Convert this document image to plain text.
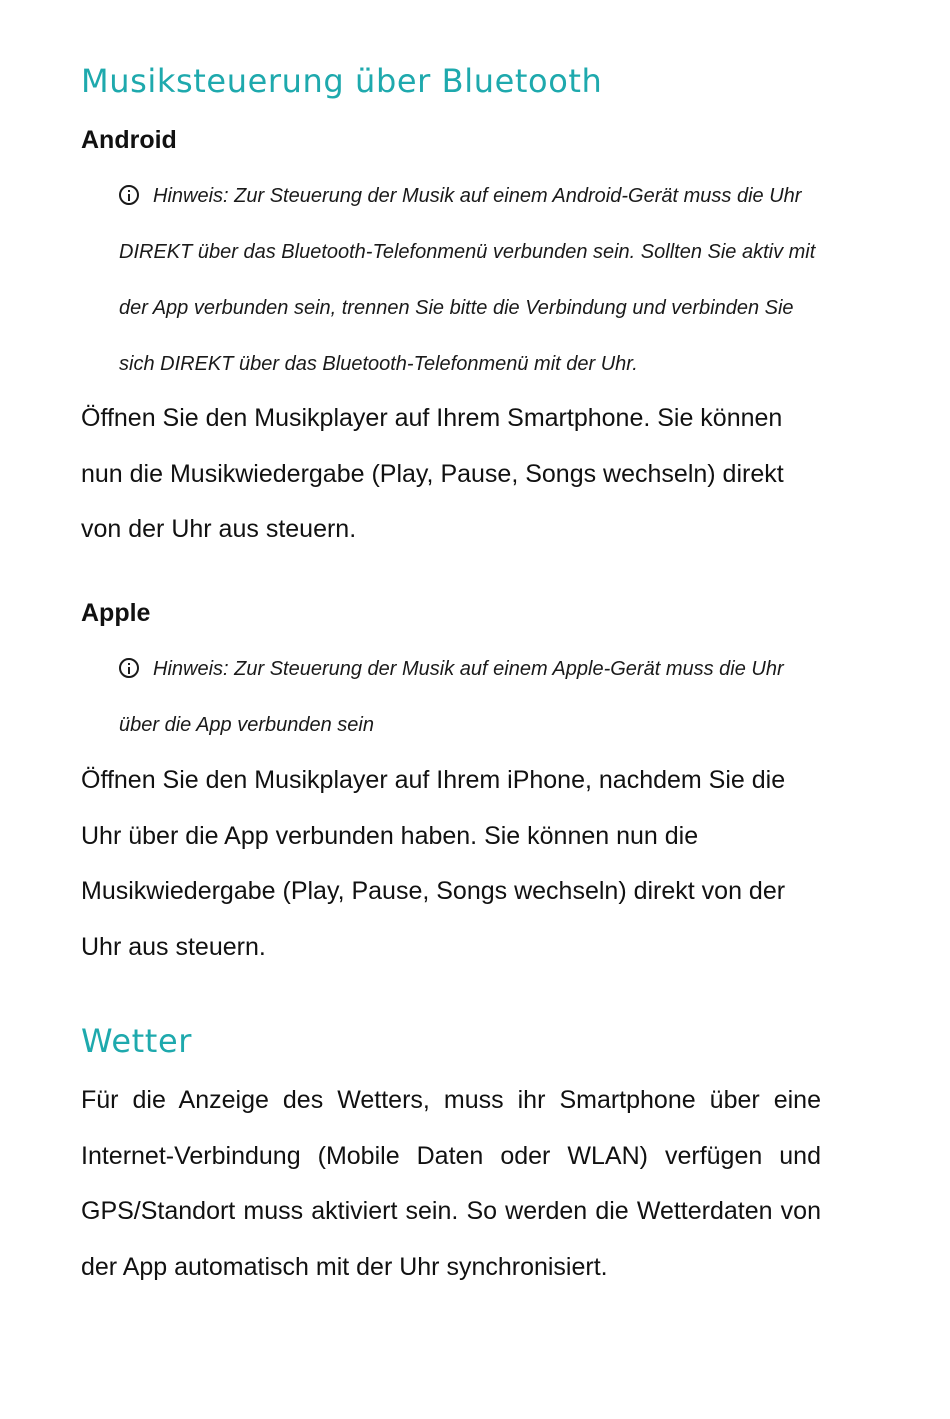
Musiksteuerung über Bluetooth
Android
Hinweis: Zur Steuerung der Musik auf einem Android-Gerät muss die Uhr DIREKT über das Bluetooth-Telefonmenü verbunden sein. Sollten Sie aktiv mit der App verbunden sein, trennen Sie bitte die Verbindung und verbinden Sie sich DIREKT über das Bluetooth-Telefonmenü mit der Uhr.
Öffnen Sie den Musikplayer auf Ihrem Smartphone. Sie können nun die Musikwiedergabe (Play, Pause, Songs wechseln) direkt von der Uhr aus steuern.
Apple
Hinweis: Zur Steuerung der Musik auf einem Apple-Gerät muss die Uhr über die App verbunden sein
Öffnen Sie den Musikplayer auf Ihrem iPhone, nachdem Sie die Uhr über die App verbunden haben. Sie können nun die Musikwiedergabe (Play, Pause, Songs wechseln) direkt von der Uhr aus steuern.
Wetter
Für die Anzeige des Wetters, muss ihr Smartphone über eine Internet-Verbindung (Mobile Daten oder WLAN) verfügen und GPS/Standort muss aktiviert sein. So werden die Wetterdaten von der App automatisch mit der Uhr synchronisiert.
